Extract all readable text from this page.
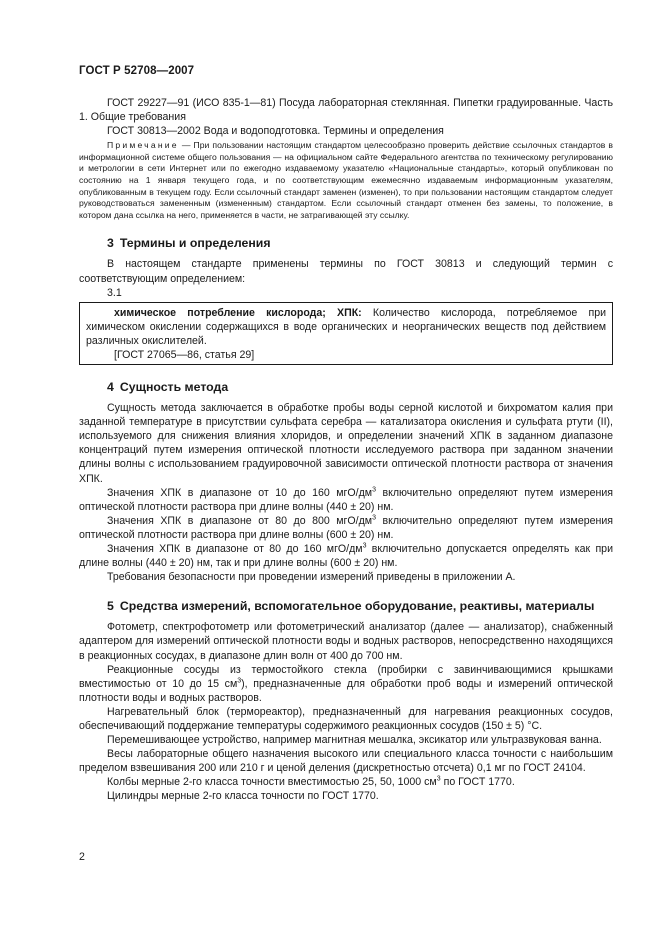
ГОСТ Р 52708—2007

ГОСТ 29227—91 (ИСО 835-1—81) Посуда лабораторная стеклянная. Пипетки градуированные. Часть 1. Общие требования

ГОСТ 30813—2002 Вода и водоподготовка. Термины и определения

Примечание — При пользовании настоящим стандартом целесообразно проверить действие ссылочных стандартов в информационной системе общего пользования — на официальном сайте Федерального агентства по техническому регулированию и метрологии в сети Интернет или по ежегодно издаваемому указателю «Национальные стандарты», который опубликован по состоянию на 1 января текущего года, и по соответствующим ежемесячно издаваемым информационным указателям, опубликованным в текущем году. Если ссылочный стандарт заменен (изменен), то при пользовании настоящим стандартом следует руководствоваться замененным (измененным) стандартом. Если ссылочный стандарт отменен без замены, то положение, в котором дана ссылка на него, применяется в части, не затрагивающей эту ссылку.

3 Термины и определения

В настоящем стандарте применены термины по ГОСТ 30813 и следующий термин с соответствующим определением:

3.1

химическое потребление кислорода; ХПК: Количество кислорода, потребляемое при химическом окислении содержащихся в воде органических и неорганических веществ под действием различных окислителей.

[ГОСТ 27065—86, статья 29]

4 Сущность метода

Сущность метода заключается в обработке пробы воды серной кислотой и бихроматом калия при заданной температуре в присутствии сульфата серебра — катализатора окисления и сульфата ртути (II), используемого для снижения влияния хлоридов, и определении значений ХПК в заданном диапазоне концентраций путем измерения оптической плотности исследуемого раствора при заданном значении длины волны с использованием градуировочной зависимости оптической плотности раствора от значения ХПК.

Значения ХПК в диапазоне от 10 до 160 мгО/$дм^3$ включительно определяют путем измерения оптической плотности раствора при длине волны (440 ± 20) нм.

Значения ХПК в диапазоне от 80 до 800 мгО/$дм^3$ включительно определяют путем измерения оптической плотности раствора при длине волны (600 ± 20) нм.

Значения ХПК в диапазоне от 80 до 160 мгО/$дм^3$ включительно допускается определять как при длине волны (440 ± 20) нм, так и при длине волны (600 ± 20) нм.

Требования безопасности при проведении измерений приведены в приложении А.

5 Средства измерений, вспомогательное оборудование, реактивы, материалы

Фотометр, спектрофотометр или фотометрический анализатор (далее — анализатор), снабженный адаптером для измерений оптической плотности воды и водных растворов, непосредственно находящихся в реакционных сосудах, в диапазоне длин волн от 400 до 700 нм.

Реакционные сосуды из термостойкого стекла (пробирки с завинчивающимися крышками вместимостью от 10 до 15 $см^3$), предназначенные для обработки проб воды и измерений оптической плотности воды и водных растворов.

Нагревательный блок (термореактор), предназначенный для нагревания реакционных сосудов, обеспечивающий поддержание температуры содержимого реакционных сосудов (150 ± 5) °С.

Перемешивающее устройство, например магнитная мешалка, эксикатор или ультразвуковая ванна.

Весы лабораторные общего назначения высокого или специального класса точности с наибольшим пределом взвешивания 200 или 210 г и ценой деления (дискретностью отсчета) 0,1 мг по ГОСТ 24104.

Колбы мерные 2-го класса точности вместимостью 25, 50, 1000 $см^3$ по ГОСТ 1770.

Цилиндры мерные 2-го класса точности по ГОСТ 1770.

2
